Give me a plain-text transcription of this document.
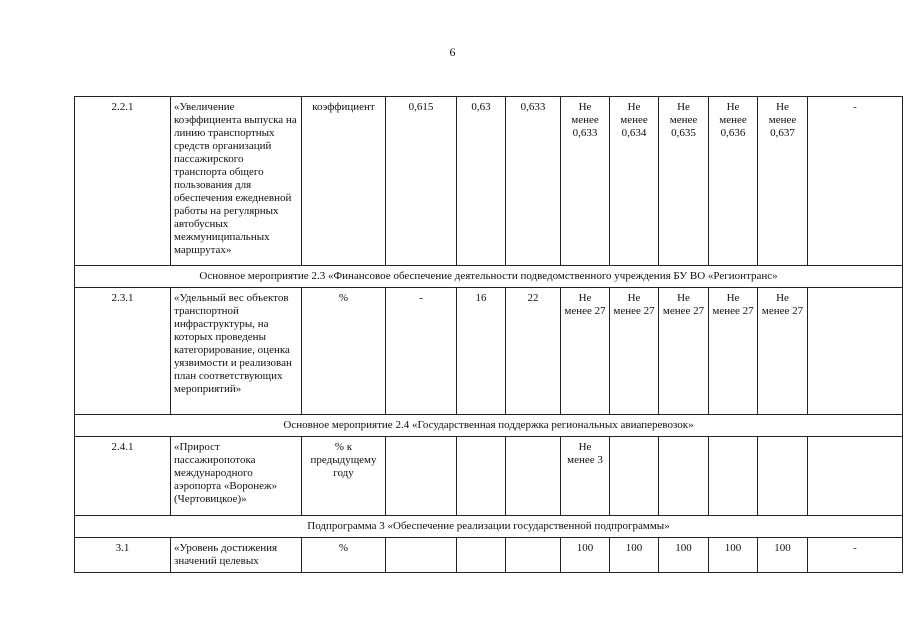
6
2.2.1	«Увеличение коэффициента выпуска на линию транспортных средств организаций пассажирского транспорта общего пользования для обеспечения ежедневной работы на регулярных автобусных межмуниципальных маршрутах»	коэффициент	0,615	0,63	0,633	Не менее 0,633	Не менее 0,634	Не менее 0,635	Не менее 0,636	Не менее 0,637	-
Основное мероприятие 2.3 «Финансовое обеспечение деятельности подведомственного учреждения БУ ВО «Регионтранс»											
2.3.1	«Удельный вес объектов транспортной инфраструктуры, на которых проведены категорирование, оценка уязвимости и реализован план соответствующих мероприятий»	%	-	16	22	Не менее 27	Не менее 27	Не менее 27	Не менее 27	Не менее 27	
Основное мероприятие 2.4 «Государственная поддержка региональных авиаперевозок»											
2.4.1	«Прирост пассажиропотока международного аэропорта «Воронеж» (Чертовицкое)»	% к предыдущему году				Не менее 3					
Подпрограмма 3 «Обеспечение реализации государственной подпрограммы»											
3.1	«Уровень достижения значений целевых	%				100	100	100	100	100	-
